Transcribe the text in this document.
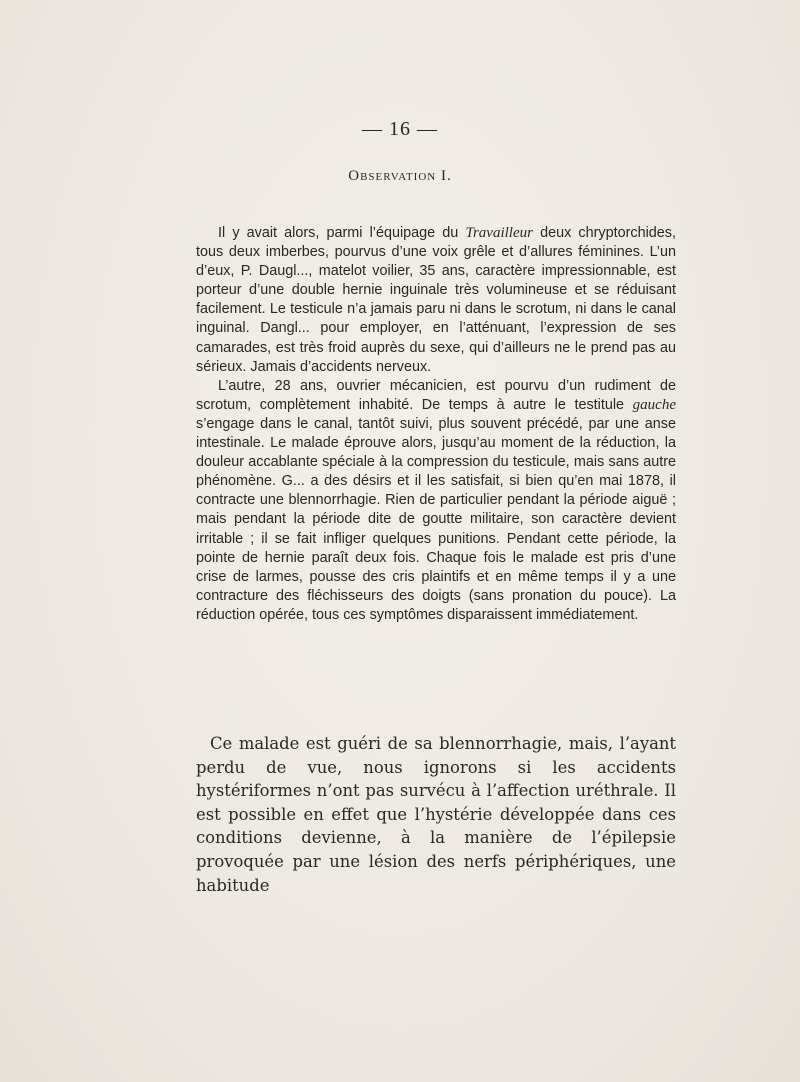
— 16 —
Observation I.

Il y avait alors, parmi l’équipage du Travailleur deux chryptorchides, tous deux imberbes, pourvus d’une voix grêle et d’allures féminines. L’un d’eux, P. Daugl..., matelot voilier, 35 ans, caractère impressionnable, est porteur d’une double hernie inguinale très volumineuse et se réduisant facilement. Le testicule n’a jamais paru ni dans le scrotum, ni dans le canal inguinal. Dangl... pour employer, en l’atténuant, l’expression de ses camarades, est très froid auprès du sexe, qui d’ailleurs ne le prend pas au sérieux. Jamais d’accidents nerveux.

L’autre, 28 ans, ouvrier mécanicien, est pourvu d’un rudiment de scrotum, complètement inhabité. De temps à autre le testitule gauche s’engage dans le canal, tantôt suivi, plus souvent précédé, par une anse intestinale. Le malade éprouve alors, jusqu’au moment de la réduction, la douleur accablante spéciale à la compression du testicule, mais sans autre phénomène. G... a des désirs et il les satisfait, si bien qu’en mai 1878, il contracte une blennorrhagie. Rien de particulier pendant la période aiguë ; mais pendant la période dite de goutte militaire, son caractère devient irritable ; il se fait infliger quelques punitions. Pendant cette période, la pointe de hernie paraît deux fois. Chaque fois le malade est pris d’une crise de larmes, pousse des cris plaintifs et en même temps il y a une contracture des fléchisseurs des doigts (sans pronation du pouce). La réduction opérée, tous ces symptômes disparaissent immédiatement.

Ce malade est guéri de sa blennorrhagie, mais, l’ayant perdu de vue, nous ignorons si les accidents hystériformes n’ont pas survécu à l’affection uréthrale. Il est possible en effet que l’hystérie développée dans ces conditions devienne, à la manière de l’épilepsie provoquée par une lésion des nerfs périphériques, une habitude
